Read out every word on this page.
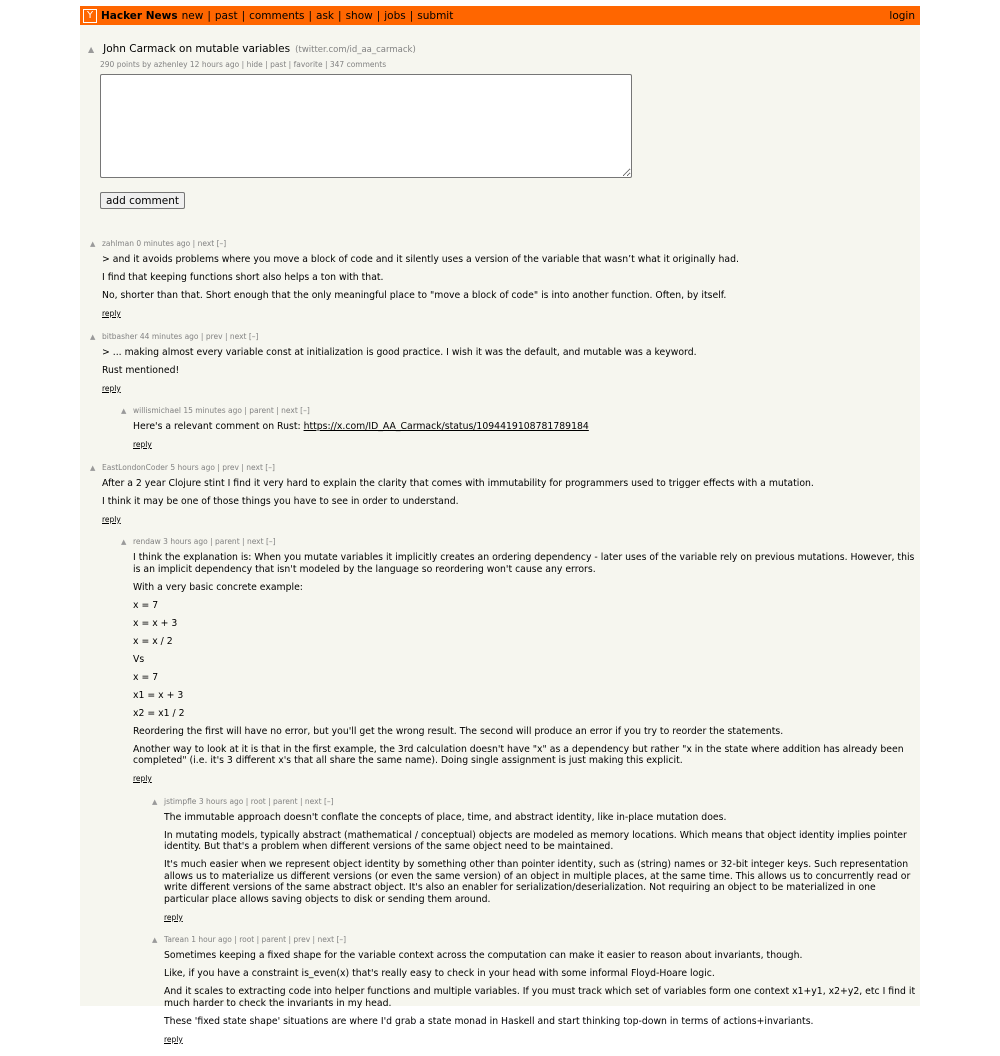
Y Hacker News new | past | comments | ask | show | jobs | submit	login
▲ John Carmack on mutable variables (twitter.com/id_aa_carmack)
290 points by azhenley 12 hours ago | hide | past | favorite | 347 comments
add comment
▲ zahlman 0 minutes ago | next [–]

> and it avoids problems where you move a block of code and it silently uses a version of the variable that wasn’t what it originally had.

I find that keeping functions short also helps a ton with that.

No, shorter than that. Short enough that the only meaningful place to "move a block of code" is into another function. Often, by itself.

reply
▲ bitbasher 44 minutes ago | prev | next [–]

> ... making almost every variable const at initialization is good practice. I wish it was the default, and mutable was a keyword.

Rust mentioned!

reply
▲ willismichael 15 minutes ago | parent | next [–]

Here's a relevant comment on Rust: https://x.com/ID_AA_Carmack/status/1094419108781789184

reply
▲ EastLondonCoder 5 hours ago | prev | next [–]

After a 2 year Clojure stint I find it very hard to explain the clarity that comes with immutability for programmers used to trigger effects with a mutation.

I think it may be one of those things you have to see in order to understand.

reply
▲ rendaw 3 hours ago | parent | next [–]

I think the explanation is: When you mutate variables it implicitly creates an ordering dependency - later uses of the variable rely on previous mutations. However, this is an implicit dependency that isn't modeled by the language so reordering won't cause any errors.

With a very basic concrete example:

x = 7

x = x + 3

x = x / 2

Vs

x = 7

x1 = x + 3

x2 = x1 / 2

Reordering the first will have no error, but you'll get the wrong result. The second will produce an error if you try to reorder the statements.

Another way to look at it is that in the first example, the 3rd calculation doesn't have "x" as a dependency but rather "x in the state where addition has already been completed" (i.e. it's 3 different x's that all share the same name). Doing single assignment is just making this explicit.

reply
▲ jstimpfle 3 hours ago | root | parent | next [–]

The immutable approach doesn't conflate the concepts of place, time, and abstract identity, like in-place mutation does.

In mutating models, typically abstract (mathematical / conceptual) objects are modeled as memory locations. Which means that object identity implies pointer identity. But that's a problem when different versions of the same object need to be maintained.

It's much easier when we represent object identity by something other than pointer identity, such as (string) names or 32-bit integer keys. Such representation allows us to materialize us different versions (or even the same version) of an object in multiple places, at the same time. This allows us to concurrently read or write different versions of the same abstract object. It's also an enabler for serialization/deserialization. Not requiring an object to be materialized in one particular place allows saving objects to disk or sending them around.

reply
▲ Tarean 1 hour ago | root | parent | prev | next [–]

Sometimes keeping a fixed shape for the variable context across the computation can make it easier to reason about invariants, though.

Like, if you have a constraint is_even(x) that's really easy to check in your head with some informal Floyd-Hoare logic.

And it scales to extracting code into helper functions and multiple variables. If you must track which set of variables form one context x1+y1, x2+y2, etc I find it much harder to check the invariants in my head.

These 'fixed state shape' situations are where I'd grab a state monad in Haskell and start thinking top-down in terms of actions+invariants.

reply
